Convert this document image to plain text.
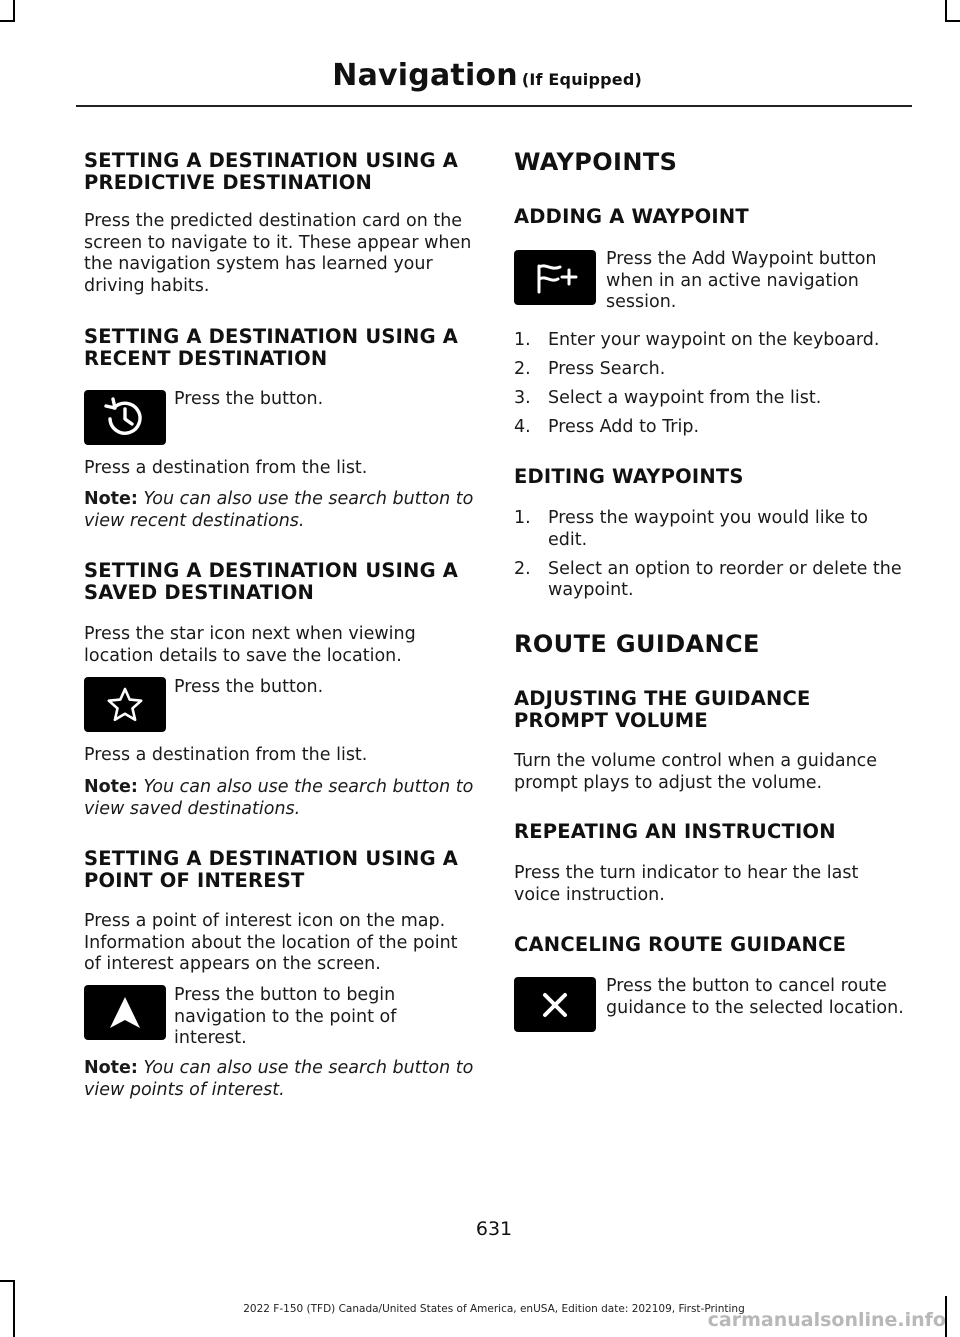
Navigation (If Equipped)
SETTING A DESTINATION USING A PREDICTIVE DESTINATION
Press the predicted destination card on the screen to navigate to it. These appear when the navigation system has learned your driving habits.
SETTING A DESTINATION USING A RECENT DESTINATION
Press the button.
Press a destination from the list.
Note: You can also use the search button to view recent destinations.
SETTING A DESTINATION USING A SAVED DESTINATION
Press the star icon next when viewing location details to save the location.
Press the button.
Press a destination from the list.
Note: You can also use the search button to view saved destinations.
SETTING A DESTINATION USING A POINT OF INTEREST
Press a point of interest icon on the map. Information about the location of the point of interest appears on the screen.
Press the button to begin navigation to the point of interest.
Note: You can also use the search button to view points of interest.
WAYPOINTS
ADDING A WAYPOINT
Press the Add Waypoint button when in an active navigation session.
1. Enter your waypoint on the keyboard.
2. Press Search.
3. Select a waypoint from the list.
4. Press Add to Trip.
EDITING WAYPOINTS
1. Press the waypoint you would like to edit.
2. Select an option to reorder or delete the waypoint.
ROUTE GUIDANCE
ADJUSTING THE GUIDANCE PROMPT VOLUME
Turn the volume control when a guidance prompt plays to adjust the volume.
REPEATING AN INSTRUCTION
Press the turn indicator to hear the last voice instruction.
CANCELING ROUTE GUIDANCE
Press the button to cancel route guidance to the selected location.
631
2022 F-150 (TFD) Canada/United States of America, enUSA, Edition date: 202109, First-Printing
carmanualsonline.info
